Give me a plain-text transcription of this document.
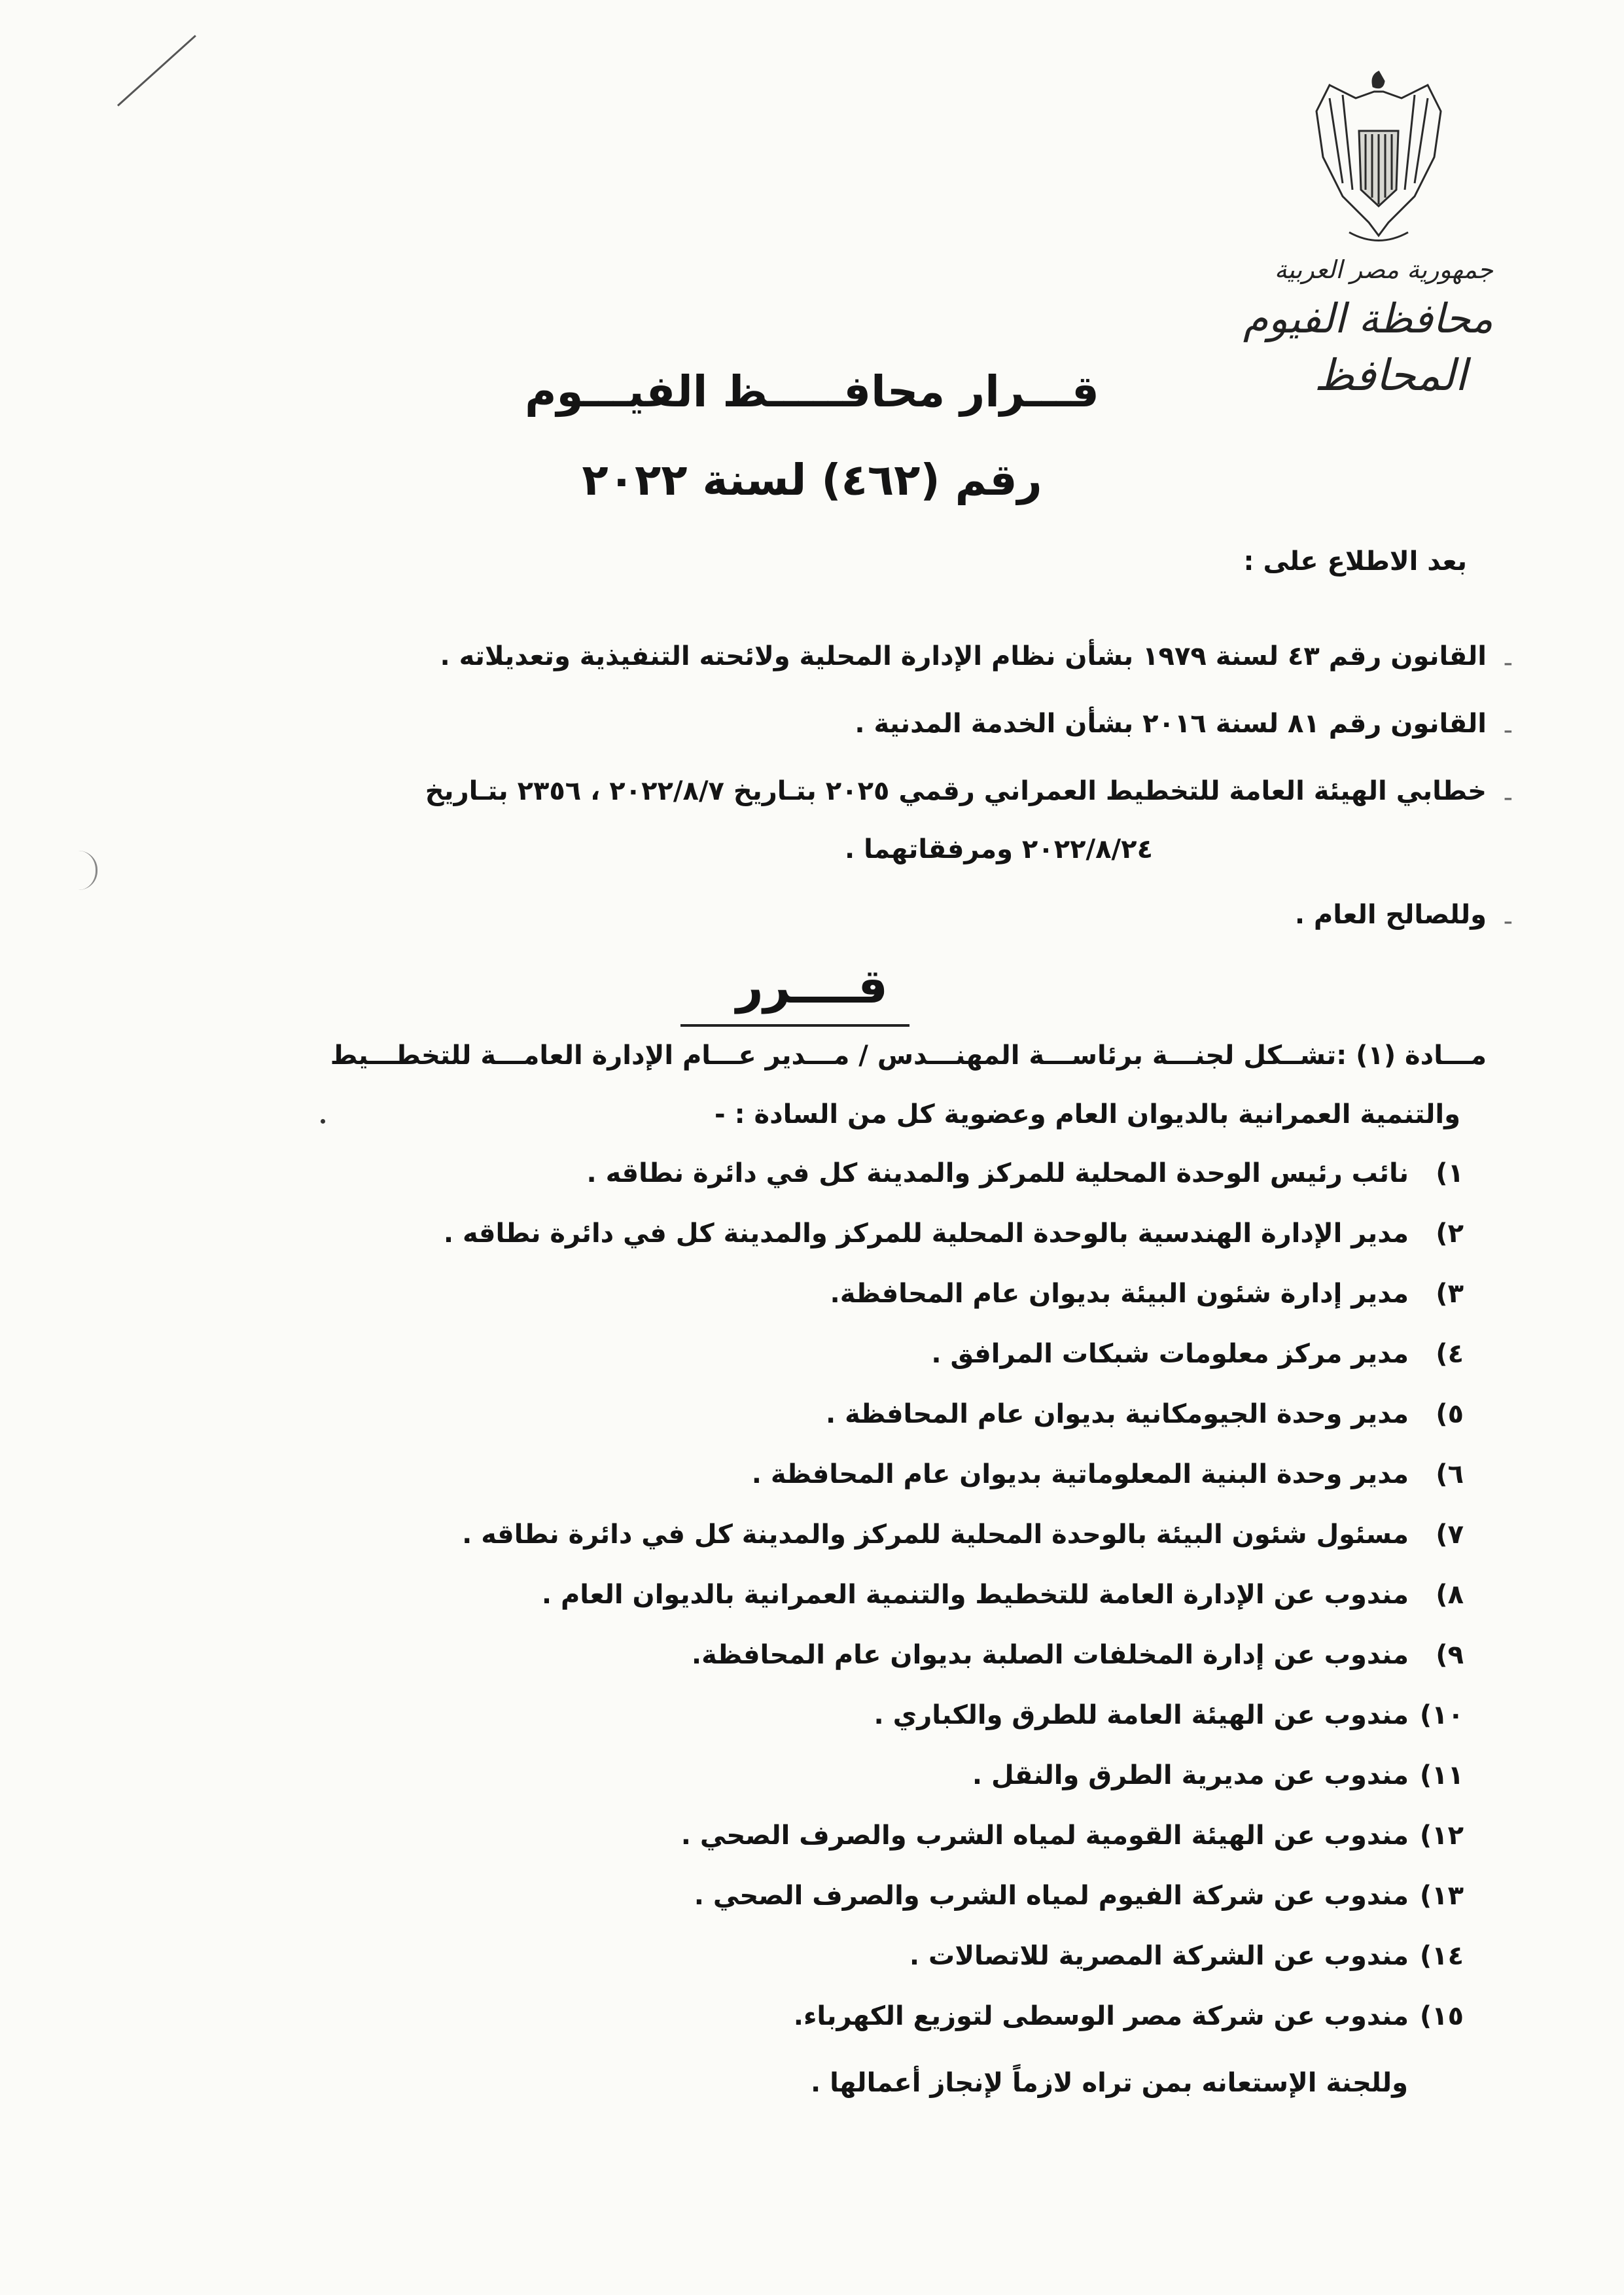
جمهورية مصر العربية
محافظة الفيوم
المحافظ
قـــرار محافـــــظ الفيـــوم
رقم (٤٦٢) لسنة ٢٠٢٢
بعد الاطلاع على :
-
القانون رقم ٤٣ لسنة ١٩٧٩ بشأن نظام الإدارة المحلية ولائحته التنفيذية وتعديلاته .
-
القانون رقم ٨١ لسنة ٢٠١٦ بشأن الخدمة المدنية .
-
خطابي الهيئة العامة للتخطيط العمراني رقمي ٢٠٢٥ بتـاريخ ٢٠٢٢/٨/٧ ، ٢٣٥٦ بتـاريخ
٢٠٢٢/٨/٢٤ ومرفقاتهما .
-
وللصالح العام .
قــــرر
مـــادة (١) :تشــكل لجنـــة برئاســـة المهنـــدس / مـــدير عـــام الإدارة العامـــة للتخطـــيط
والتنمية العمرانية بالديوان العام وعضوية كل من السادة : -
١) نائب رئيس الوحدة المحلية للمركز والمدينة كل في دائرة نطاقه .
٢) مدير الإدارة الهندسية بالوحدة المحلية للمركز والمدينة كل في دائرة نطاقه .
٣) مدير إدارة شئون البيئة بديوان عام المحافظة.
٤) مدير مركز معلومات شبكات المرافق .
٥) مدير وحدة الجيومكانية بديوان عام المحافظة .
٦) مدير وحدة البنية المعلوماتية بديوان عام المحافظة .
٧) مسئول شئون البيئة بالوحدة المحلية للمركز والمدينة كل في دائرة نطاقه .
٨) مندوب عن الإدارة العامة للتخطيط والتنمية العمرانية بالديوان العام .
٩) مندوب عن إدارة المخلفات الصلبة بديوان عام المحافظة.
١٠) مندوب عن الهيئة العامة للطرق والكباري .
١١) مندوب عن مديرية الطرق والنقل .
١٢) مندوب عن الهيئة القومية لمياه الشرب والصرف الصحي .
١٣) مندوب عن شركة الفيوم لمياه الشرب والصرف الصحي .
١٤) مندوب عن الشركة المصرية للاتصالات .
١٥) مندوب عن شركة مصر الوسطى لتوزيع الكهرباء.
وللجنة الإستعانه بمن تراه لازماً لإنجاز أعمالها .
